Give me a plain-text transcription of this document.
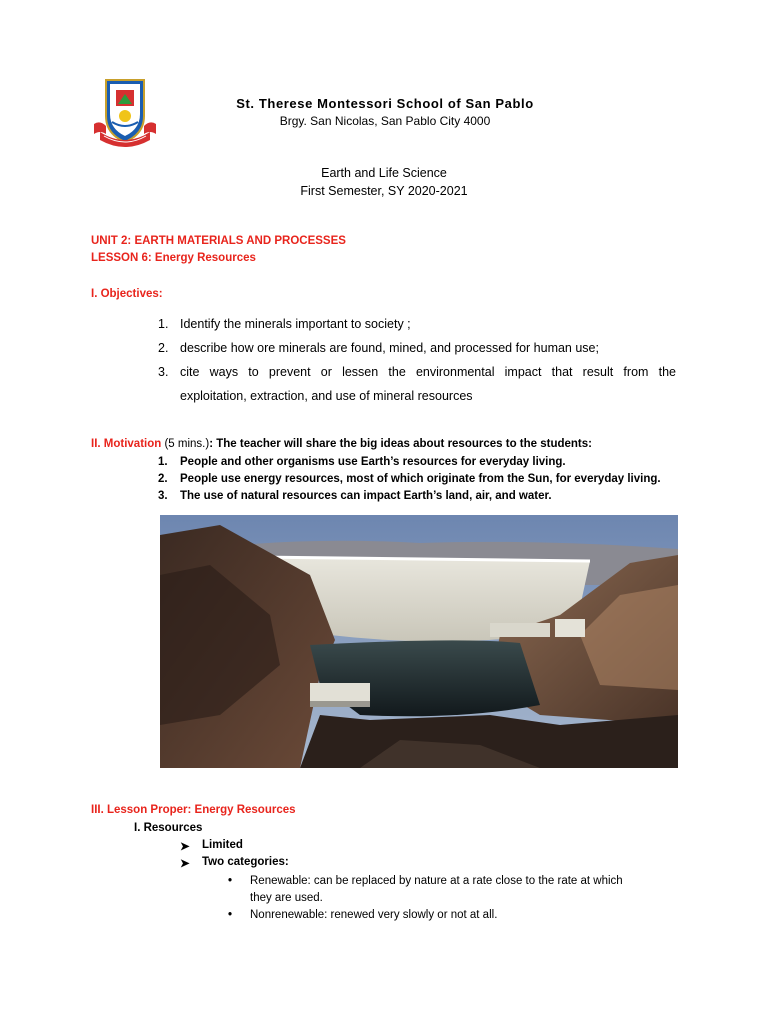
St. Therese Montessori School of San Pablo
Brgy. San Nicolas, San Pablo City 4000
Earth and Life Science
First Semester, SY 2020-2021
UNIT 2: EARTH MATERIALS AND PROCESSES
LESSON 6: Energy Resources
I. Objectives:
1. Identify the minerals important to society ;
2. describe how ore minerals are found, mined, and processed for human use;
3. cite ways to prevent or lessen the environmental impact that result from the
exploitation, extraction, and use of mineral resources
II. Motivation (5 mins.): The teacher will share the big ideas about resources to the students:
1. People and other organisms use Earth’s resources for everyday living.
2. People use energy resources, most of which originate from the Sun, for everyday living.
3. The use of natural resources can impact Earth’s land, air, and water.
III. Lesson Proper: Energy Resources
I. Resources
➤ Limited
➤ Two categories:
• Renewable: can be replaced by nature at a rate close to the rate at which
they are used.
• Nonrenewable: renewed very slowly or not at all.
